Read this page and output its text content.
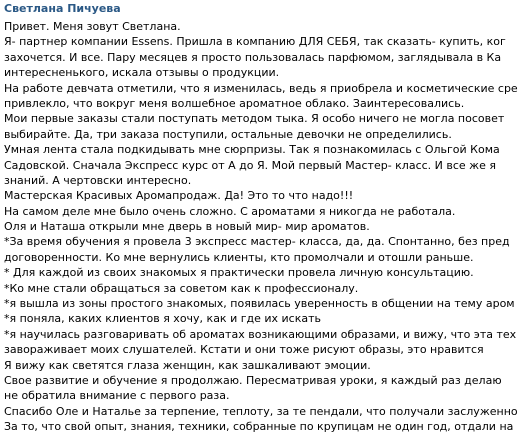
Светлана Пичуева
Привет. Меня зовут Светлана.
Я- партнер компании Essens. Пришла в компанию ДЛЯ СЕБЯ, так сказать- купить, ког
захочется. И все. Пару месяцев я просто пользовалась парфюмом, заглядывала в Ка
интересненького, искала отзывы о продукции.
На работе девчата отметили, что я изменилась, ведь я приобрела и косметические сре
привлекло, что вокруг меня волшебное ароматное облако. Заинтересовались.
Мои первые заказы стали поступать методом тыка. Я особо ничего не могла посовет
выбирайте. Да, три заказа поступили, остальные девочки не определились.
Умная лента стала подкидывать мне сюрпризы. Так я познакомилась с Ольгой Кома
Садовской. Сначала Экспресс курс от А до Я. Мой первый Мастер- класс. И все же я
знаний. А чертовски интересно.
Мастерская Красивых Аромапродаж. Да! Это то что надо!!!
На самом деле мне было очень сложно. С ароматами я никогда не работала.
Оля и Наташа открыли мне дверь в новый мир- мир ароматов.
*За время обучения я провела 3 экспресс мастер- класса, да, да. Спонтанно, без пред
договоренности. Ко мне вернулись клиенты, кто промолчали и отошли раньше.
* Для каждой из своих знакомых я практически провела личную консультацию.
*Ко мне стали обращаться за советом как к профессионалу.
*я вышла из зоны простого знакомых, появилась уверенность в общении на тему аром
*я поняла, каких клиентов я хочу, как и где их искать
*я научилась разговаривать об ароматах возникающими образами, и вижу, что эта тех
завораживает моих слушателей. Кстати и они тоже рисуют образы, это нравится
Я вижу как светятся глаза женщин, как зашкаливают эмоции.
Свое развитие и обучение я продолжаю. Пересматривая уроки, я каждый раз делаю
не обратила внимание с первого раза.
Спасибо Оле и Наталье за терпение, теплоту, за те пендали, что получали заслуженно
За то, что свой опыт, знания, техники, собранные по крупицам не один год, отдали на
